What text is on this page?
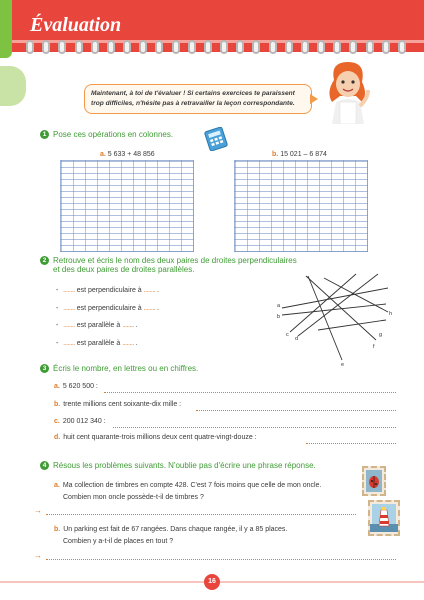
Évaluation
Maintenant, à toi de t'évaluer ! Si certains exercices te paraissent trop difficiles, n'hésite pas à retravailler la leçon correspondante.
1 Pose ces opérations en colonnes.
a. 5 633 + 48 856	b. 15 021 – 6 874
2 Retrouve et écris le nom des deux paires de droites perpendiculaires
et des deux paires de droites parallèles.
-   ........ est perpendiculaire à ........ .
-   ........ est perpendiculaire à ........ .
-   ........ est parallèle à ........ .
-   ........ est parallèle à ........ .
a
b
c
d
e
f
g
h
3 Écris le nombre, en lettres ou en chiffres.
a. 5 620 500 :
b. trente millions cent soixante-dix mille :
c. 200 012 340 :
d. huit cent quarante-trois millions deux cent quatre-vingt-douze :
4 Résous les problèmes suivants. N'oublie pas d'écrire une phrase réponse.
a. Ma collection de timbres en compte 428. C'est 7 fois moins que celle de mon oncle.
Combien mon oncle possède-t-il de timbres ?
→
b. Un parking est fait de 67 rangées. Dans chaque rangée, il y a 85 places.
Combien y a-t-il de places en tout ?
→
16
